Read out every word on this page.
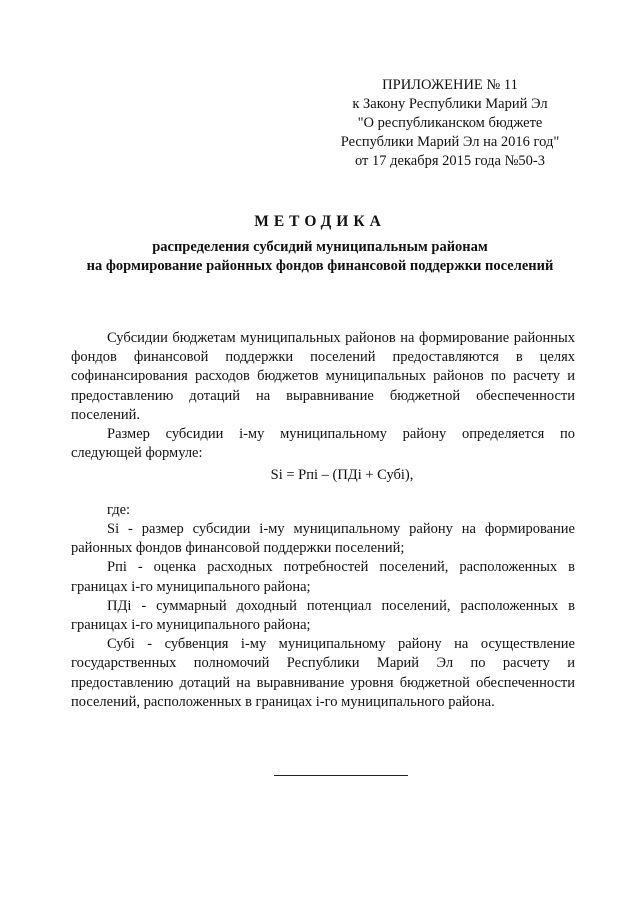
ПРИЛОЖЕНИЕ № 11
к Закону Республики Марий Эл
"О республиканском бюджете
Республики Марий Эл на 2016 год"
от 17 декабря 2015 года №50-3
МЕТОДИКА
распределения субсидий муниципальным районам
на формирование районных фондов финансовой поддержки поселений

Субсидии бюджетам муниципальных районов на формирование районных фондов финансовой поддержки поселений предоставляются в целях софинансирования расходов бюджетов муниципальных районов по расчету и предоставлению дотаций на выравнивание бюджетной обеспеченности поселений.

Размер субсидии і-му муниципальному району определяется по следующей формуле:

Si = Pпi – (ПДi + Субi),
где:

Si - размер субсидии і-му муниципальному району на формирование районных фондов финансовой поддержки поселений;

Pпi - оценка расходных потребностей поселений, расположенных в границах і-го муниципального района;

ПДi - суммарный доходный потенциал поселений, расположенных в границах і-го муниципального района;

Субi - субвенция і-му муниципальному району на осуществление государственных полномочий Республики Марий Эл по расчету и предоставлению дотаций на выравнивание уровня бюджетной обеспеченности поселений, расположенных в границах і-го муниципального района.
